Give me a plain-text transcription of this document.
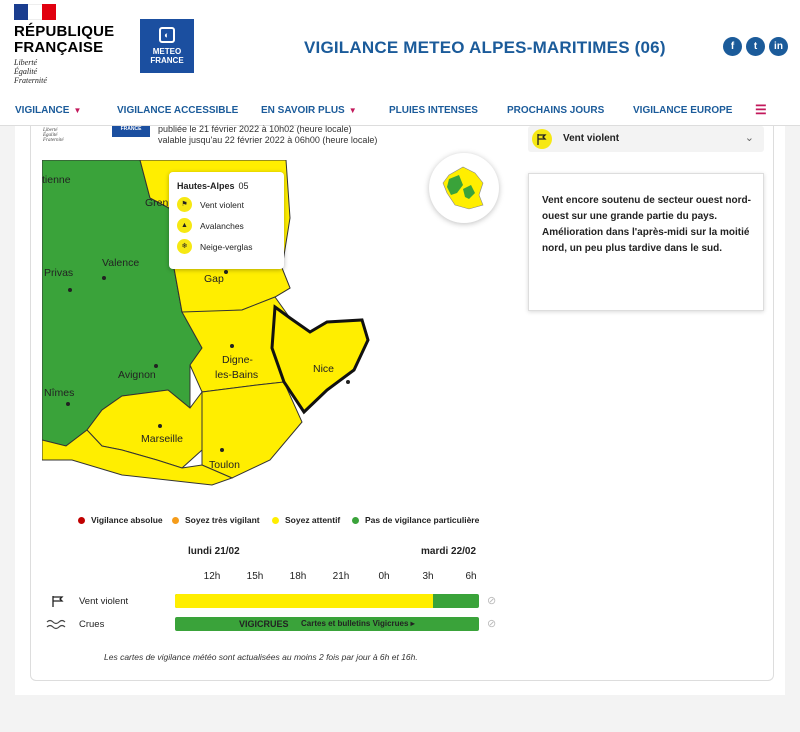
RÉPUBLIQUE
FRANÇAISE
Liberté
Égalité
Fraternité
◐
METEO
FRANCE
VIGILANCE METEO ALPES-MARITIMES (06)	f	t	in
VIGILANCE ▼	VIGILANCE ACCESSIBLE EN SAVOIR PLUS ▼	PLUIES INTENSES	PROCHAINS JOURS	VIGILANCE EUROPE ☰
Liberté
Égalité
Fraternité
FRANCE	publiée le 21 février 2022 à 10h02 (heure locale)
valable jusqu'au 22 février 2022 à 06h00 (heure locale)	Vent violent	⌄
Vent encore soutenu de secteur ouest nord-ouest sur une grande partie du pays. Amélioration dans l'après-midi sur la moitié nord, un peu plus tardive dans le sud.
tienne
Gren
Privas
Valence
Gap
Digne-
les-Bains	Nice
Avignon
Nîmes
Marseille
Toulon
Hautes-Alpes 05
⚑	Vent violent
▲	Avalanches
❄	Neige-verglas
Vigilance absolue	Soyez très vigilant	Soyez attentif	Pas de vigilance particulière
lundi 21/02	mardi 22/02
12h	15h	18h	21h	0h	3h	6h
Vent violent	⊘
Crues	VIGICRUES Cartes et bulletins Vigicrues ▸	⊘
Les cartes de vigilance météo sont actualisées au moins 2 fois par jour à 6h et 16h.
